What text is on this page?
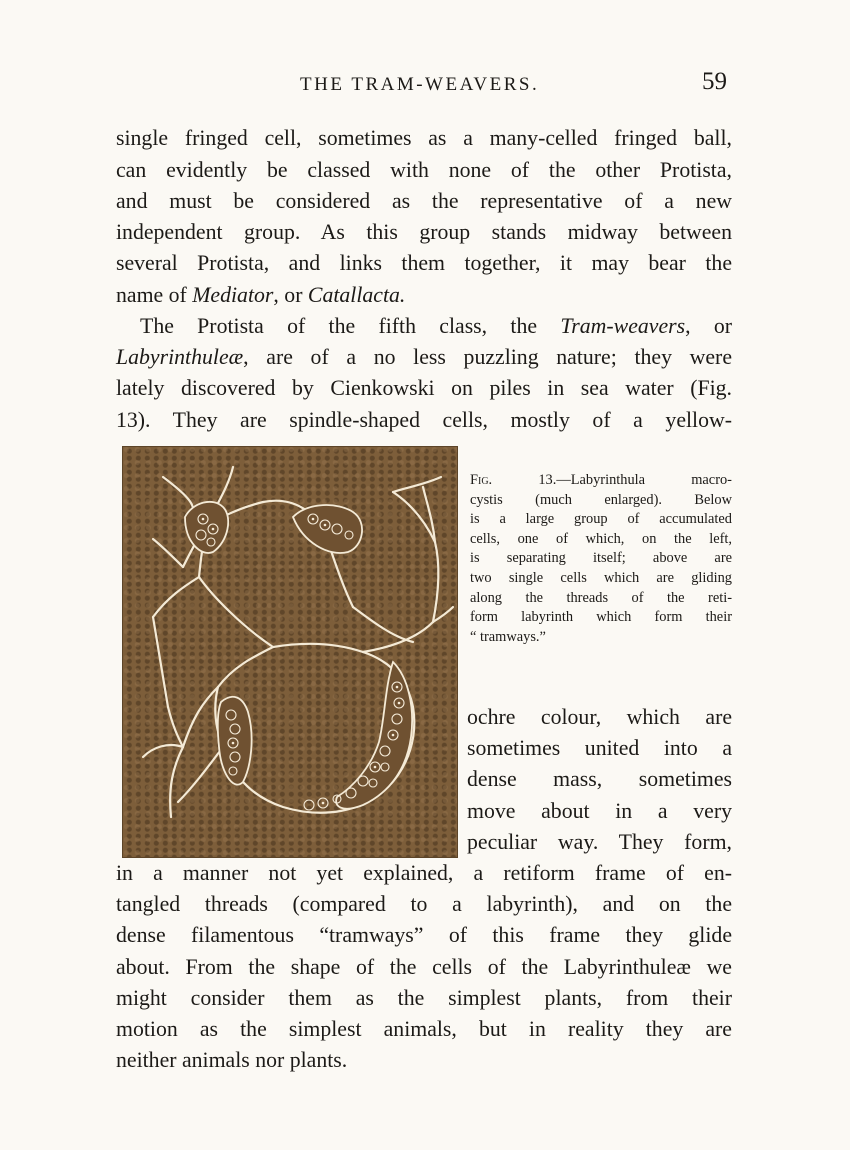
THE TRAM-WEAVERS.	59
single fringed cell, sometimes as a many-celled fringed ball,
can evidently be classed with none of the other Protista,
and must be considered as the representative of a new
independent group. As this group stands midway between
several Protista, and links them together, it may bear the
name of Mediator, or Catallacta.
The Protista of the fifth class, the Tram-weavers, or
Labyrinthuleæ, are of a no less puzzling nature; they were
lately discovered by Cienkowski on piles in sea water (Fig.
13). They are spindle-shaped cells, mostly of a yellow-
Fig. 13.—Labyrinthula macro-
cystis (much enlarged). Below
is a large group of accumulated
cells, one of which, on the left,
is separating itself; above are
two single cells which are gliding
along the threads of the reti-
form labyrinth which form their
“ tramways.”
ochre colour, which are
sometimes united into a
dense mass, sometimes
move about in a very
peculiar way. They form,
in a manner not yet explained, a retiform frame of en-
tangled threads (compared to a labyrinth), and on the
dense filamentous “tramways” of this frame they glide
about. From the shape of the cells of the Labyrinthuleæ we
might consider them as the simplest plants, from their
motion as the simplest animals, but in reality they are
neither animals nor plants.
